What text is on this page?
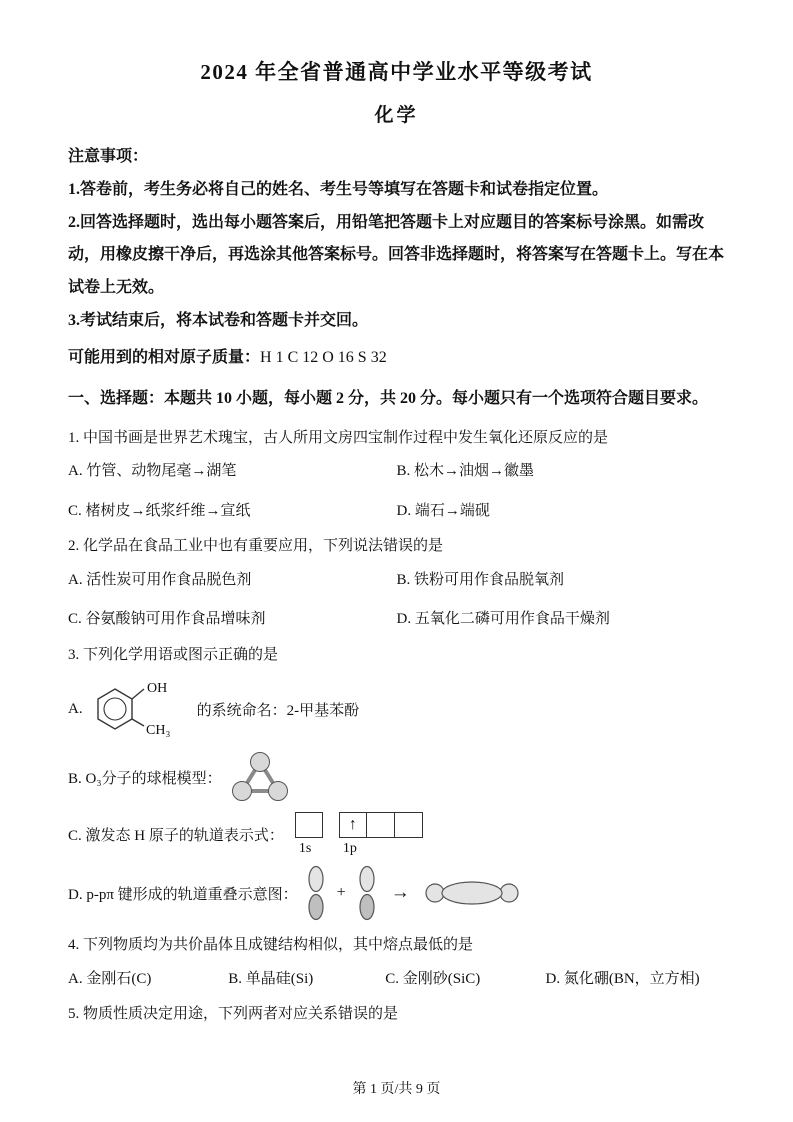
2024 年全省普通高中学业水平等级考试
化学

注意事项：

1.答卷前，考生务必将自己的姓名、考生号等填写在答题卡和试卷指定位置。

2.回答选择题时，选出每小题答案后，用铅笔把答题卡上对应题目的答案标号涂黑。如需改动，用橡皮擦干净后，再选涂其他答案标号。回答非选择题时，将答案写在答题卡上。写在本试卷上无效。

3.考试结束后，将本试卷和答题卡并交回。

可能用到的相对原子质量：H 1 C 12 O 16 S 32

一、选择题：本题共 10 小题，每小题 2 分，共 20 分。每小题只有一个选项符合题目要求。

1. 中国书画是世界艺术瑰宝，古人所用文房四宝制作过程中发生氧化还原反应的是

A. 竹管、动物尾毫→湖笔	B. 松木→油烟→徽墨
C. 楮树皮→纸浆纤维→宣纸	D. 端石→端砚

2. 化学品在食品工业中也有重要应用，下列说法错误的是

A. 活性炭可用作食品脱色剂	B. 铁粉可用作食品脱氧剂
C. 谷氨酸钠可用作食品增味剂	D. 五氧化二磷可用作食品干燥剂

3. 下列化学用语或图示正确的是

A.
OH
CH₃
的系统命名：2-甲基苯酚
B. O₃分子的球棍模型：
C. 激发态 H 原子的轨道表示式：
1s
↑
1p
D. p-pπ 键形成的轨道重叠示意图： +	→

4. 下列物质均为共价晶体且成键结构相似，其中熔点最低的是

A. 金刚石(C)	B. 单晶硅(Si)	C. 金刚砂(SiC)	D. 氮化硼(BN，立方相)

5. 物质性质决定用途，下列两者对应关系错误的是

第 1 页/共 9 页
